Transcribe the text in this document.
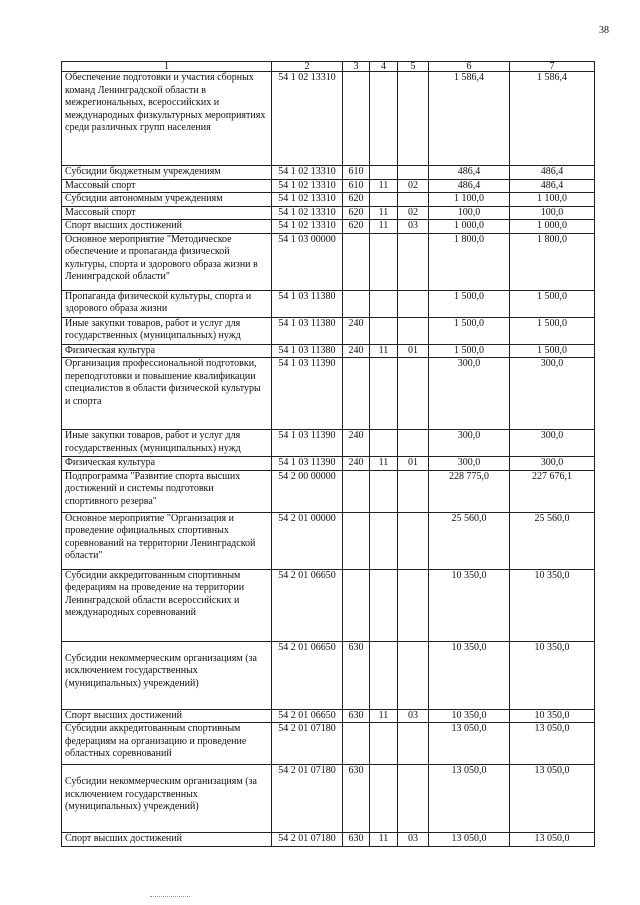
38
1	2	3	4	5	6	7
Обеспечение подготовки и участия сборных команд Ленинградской области в межрегиональных, всероссийских и международных физкультурных мероприятиях среди различных групп населения	54 1 02 13310				1 586,4	1 586,4
Субсидии бюджетным учреждениям	54 1 02 13310	610			486,4	486,4
Массовый спорт	54 1 02 13310	610	11	02	486,4	486,4
Субсидии автономным учреждениям	54 1 02 13310	620			1 100,0	1 100,0
Массовый спорт	54 1 02 13310	620	11	02	100,0	100,0
Спорт высших достижений	54 1 02 13310	620	11	03	1 000,0	1 000,0
Основное мероприятие "Методическое обеспечение и пропаганда физической культуры, спорта и здорового образа жизни в Ленинградской области"	54 1 03 00000				1 800,0	1 800,0
Пропаганда физической культуры, спорта и здорового образа жизни	54 1 03 11380				1 500,0	1 500,0
Иные закупки товаров, работ и услуг для государственных (муниципальных) нужд	54 1 03 11380	240			1 500,0	1 500,0
Физическая культура	54 1 03 11380	240	11	01	1 500,0	1 500,0
Организация профессиональной подготовки, переподготовки и повышение квалификации специалистов в области физической культуры и спорта	54 1 03 11390				300,0	300,0
Иные закупки товаров, работ и услуг для государственных (муниципальных) нужд	54 1 03 11390	240			300,0	300,0
Физическая культура	54 1 03 11390	240	11	01	300,0	300,0
Подпрограмма "Развитие спорта высших достижений и системы подготовки спортивного резерва"	54 2 00 00000				228 775,0	227 676,1
Основное мероприятие "Организация и проведение официальных спортивных соревнований на территории Ленинградской области"	54 2 01 00000				25 560,0	25 560,0
Субсидии аккредитованным спортивным федерациям на проведение на территории Ленинградской области всероссийских и международных соревнований	54 2 01 06650				10 350,0	10 350,0
Субсидии некоммерческим организациям (за исключением государственных (муниципальных) учреждений)	54 2 01 06650	630			10 350,0	10 350,0
Спорт высших достижений	54 2 01 06650	630	11	03	10 350,0	10 350,0
Субсидии аккредитованным спортивным федерациям на организацию и проведение областных соревнований	54 2 01 07180				13 050,0	13 050,0
Субсидии некоммерческим организациям (за исключением государственных (муниципальных) учреждений)	54 2 01 07180	630			13 050,0	13 050,0
Спорт высших достижений	54 2 01 07180	630	11	03	13 050,0	13 050,0
